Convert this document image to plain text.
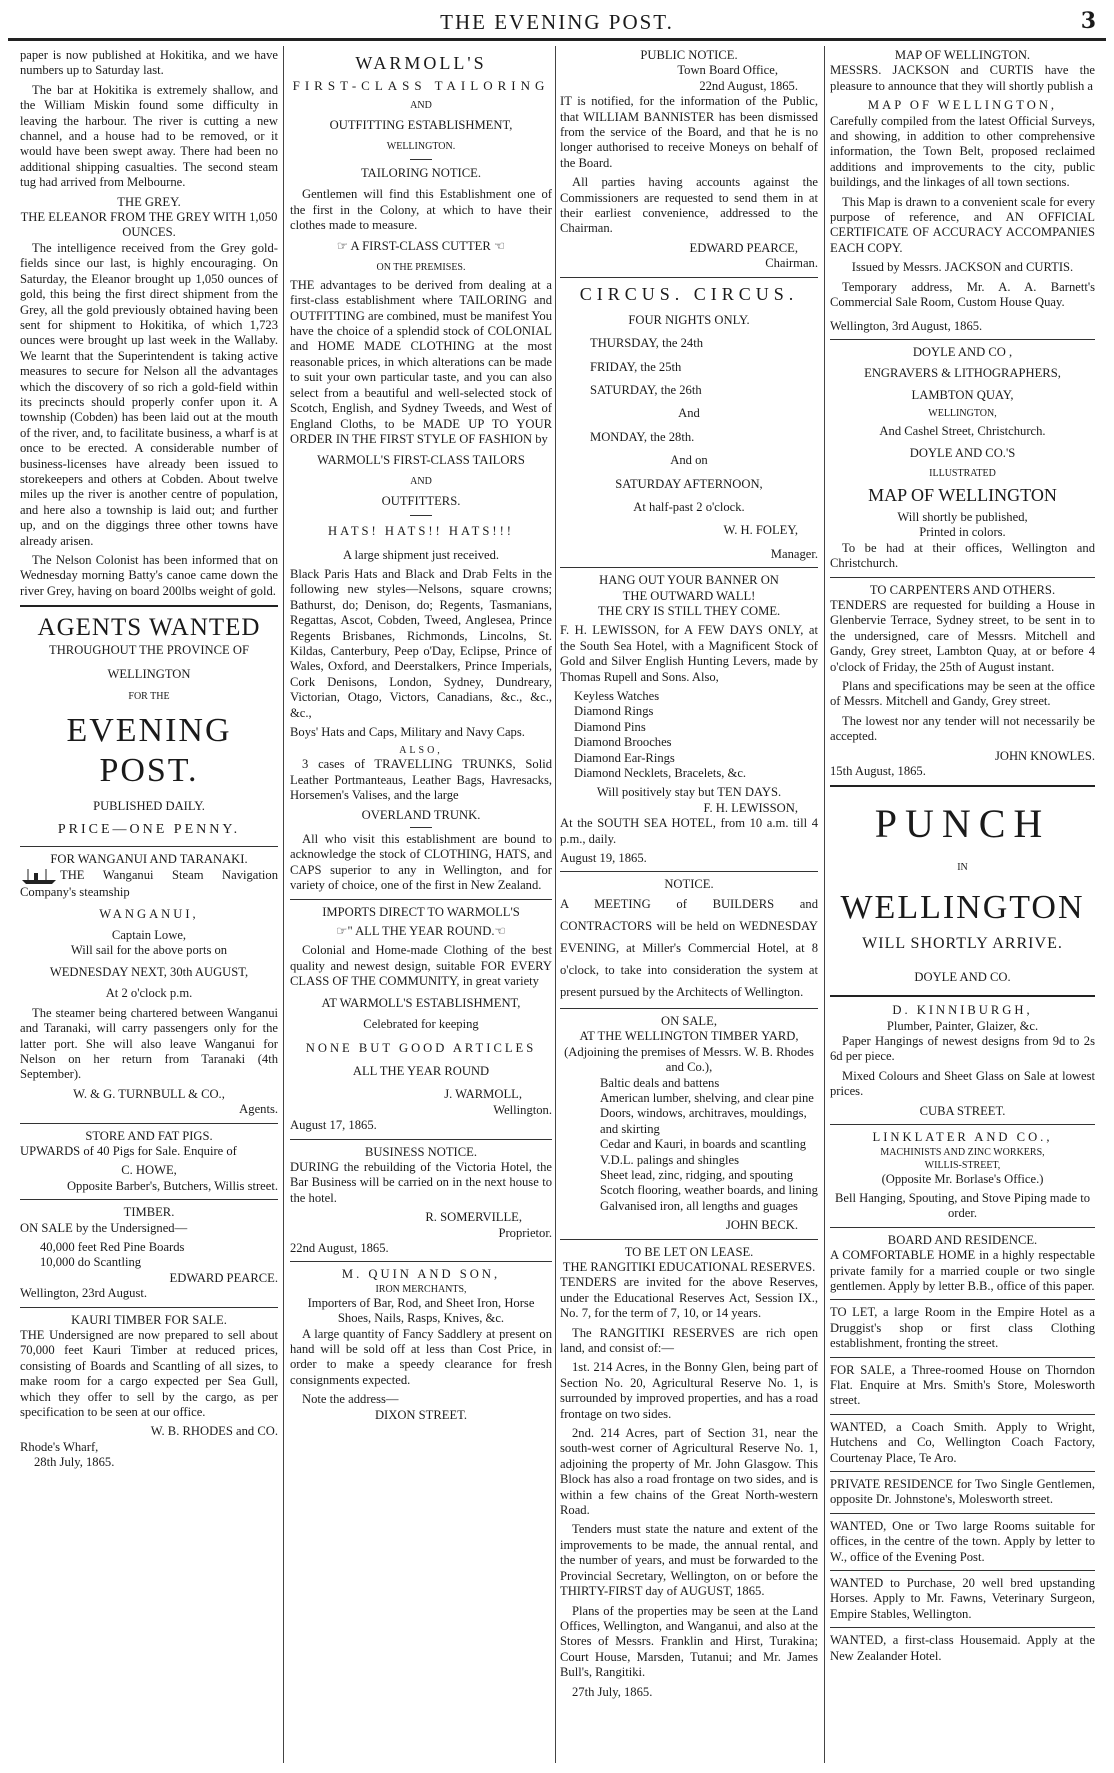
THE EVENING POST.	3

paper is now published at Hokitika, and we have numbers up to Saturday last.

The bar at Hokitika is extremely shallow, and the William Miskin found some difficulty in leaving the harbour. The river is cutting a new channel, and a house had to be removed, or it would have been swept away. There had been no additional shipping casualties. The second steam tug had arrived from Melbourne.

THE GREY.
THE ELEANOR FROM THE GREY WITH 1,050 OUNCES.

The intelligence received from the Grey gold-fields since our last, is highly encouraging. On Saturday, the Eleanor brought up 1,050 ounces of gold, this being the first direct shipment from the Grey, all the gold previously obtained having been sent for shipment to Hokitika, of which 1,723 ounces were brought up last week in the Wallaby. We learnt that the Superintendent is taking active measures to secure for Nelson all the advantages which the discovery of so rich a gold-field within its precincts should properly confer upon it. A township (Cobden) has been laid out at the mouth of the river, and, to facilitate business, a wharf is at once to be erected. A considerable number of business-licenses have already been issued to storekeepers and others at Cobden. About twelve miles up the river is another centre of population, and here also a township is laid out; and further up, and on the diggings three other towns have already arisen.

The Nelson Colonist has been informed that on Wednesday morning Batty's canoe came down the river Grey, having on board 200lbs weight of gold.

AGENTS WANTED
THROUGHOUT THE PROVINCE OF
WELLINGTON
FOR THE
EVENING POST.
PUBLISHED DAILY.
PRICE—ONE PENNY.
FOR WANGANUI AND TARANAKI.

THE Wanganui Steam Navigation Company's steamship

WANGANUI,
Captain Lowe,
Will sail for the above ports on
WEDNESDAY NEXT, 30th AUGUST,
At 2 o'clock p.m.

The steamer being chartered between Wanganui and Taranaki, will carry passengers only for the latter port. She will also leave Wanganui for Nelson on her return from Taranaki (4th September).

W. & G. TURNBULL & CO.,
Agents.
STORE AND FAT PIGS.

UPWARDS of 40 Pigs for Sale. Enquire of

C. HOWE,
Opposite Barber's, Butchers, Willis street.
TIMBER.

ON SALE by the Undersigned—

40,000 feet Red Pine Boards
10,000 do Scantling
EDWARD PEARCE.
Wellington, 23rd August.
KAURI TIMBER FOR SALE.

THE Undersigned are now prepared to sell about 70,000 feet Kauri Timber at reduced prices, consisting of Boards and Scantling of all sizes, to make room for a cargo expected per Sea Gull, which they offer to sell by the cargo, as per specification to be seen at our office.

W. B. RHODES and CO.
Rhode's Wharf,
28th July, 1865.
WARMOLL'S
FIRST-CLASS TAILORING
AND
OUTFITTING ESTABLISHMENT,
WELLINGTON.
TAILORING NOTICE.

Gentlemen will find this Establishment one of the first in the Colony, at which to have their clothes made to measure.

☞ A FIRST-CLASS CUTTER ☜
ON THE PREMISES.

THE advantages to be derived from dealing at a first-class establishment where TAILORING and OUTFITTING are combined, must be manifest You have the choice of a splendid stock of COLONIAL and HOME MADE CLOTHING at the most reasonable prices, in which alterations can be made to suit your own particular taste, and you can also select from a beautiful and well-selected stock of Scotch, English, and Sydney Tweeds, and West of England Cloths, to be MADE UP TO YOUR ORDER IN THE FIRST STYLE OF FASHION by

WARMOLL'S FIRST-CLASS TAILORS
AND
OUTFITTERS.
HATS! HATS!! HATS!!!
A large shipment just received.

Black Paris Hats and Black and Drab Felts in the following new styles—Nelsons, square crowns; Bathurst, do; Denison, do; Regents, Tasmanians, Regattas, Ascot, Cobden, Tweed, Anglesea, Prince Regents Brisbanes, Richmonds, Lincolns, St. Kildas, Canterbury, Peep o'Day, Eclipse, Prince of Wales, Oxford, and Deerstalkers, Prince Imperials, Cork Denisons, London, Sydney, Dundreary, Victorian, Otago, Victors, Canadians, &c., &c., &c.,

Boys' Hats and Caps, Military and Navy Caps.

ALSO,

3 cases of TRAVELLING TRUNKS, Solid Leather Portmanteaus, Leather Bags, Havresacks, Horsemen's Valises, and the large

OVERLAND TRUNK.

All who visit this establishment are bound to acknowledge the stock of CLOTHING, HATS, and CAPS superior to any in Wellington, and for variety of choice, one of the first in New Zealand.

IMPORTS DIRECT TO WARMOLL'S
☞" ALL THE YEAR ROUND.☜

Colonial and Home-made Clothing of the best quality and newest design, suitable FOR EVERY CLASS OF THE COMMUNITY, in great variety

AT WARMOLL'S ESTABLISHMENT,
Celebrated for keeping
NONE BUT GOOD ARTICLES
ALL THE YEAR ROUND
J. WARMOLL,
Wellington.
August 17, 1865.
BUSINESS NOTICE.

DURING the rebuilding of the Victoria Hotel, the Bar Business will be carried on in the next house to the hotel.

R. SOMERVILLE,
Proprietor.
22nd August, 1865.
M. QUIN AND SON,
IRON MERCHANTS,
Importers of Bar, Rod, and Sheet Iron, Horse Shoes, Nails, Rasps, Knives, &c.

A large quantity of Fancy Saddlery at present on hand will be sold off at less than Cost Price, in order to make a speedy clearance for fresh consignments expected.

Note the address—
DIXON STREET.
PUBLIC NOTICE.
Town Board Office,
22nd August, 1865.

IT is notified, for the information of the Public, that WILLIAM BANNISTER has been dismissed from the service of the Board, and that he is no longer authorised to receive Moneys on behalf of the Board.

All parties having accounts against the Commissioners are requested to send them in at their earliest convenience, addressed to the Chairman.

EDWARD PEARCE,
Chairman.
CIRCUS. CIRCUS.
FOUR NIGHTS ONLY.
THURSDAY, the 24th
FRIDAY, the 25th
SATURDAY, the 26th
And
MONDAY, the 28th.
And on
SATURDAY AFTERNOON,
At half-past 2 o'clock.
W. H. FOLEY,
Manager.
HANG OUT YOUR BANNER ON
THE OUTWARD WALL!
THE CRY IS STILL THEY COME.

F. H. LEWISSON, for A FEW DAYS ONLY, at the South Sea Hotel, with a Magnificent Stock of Gold and Silver English Hunting Levers, made by Thomas Rupell and Sons. Also,

Keyless Watches
Diamond Rings
Diamond Pins
Diamond Brooches
Diamond Ear-Rings
Diamond Necklets, Bracelets, &c.
Will positively stay but TEN DAYS.
F. H. LEWISSON,

At the SOUTH SEA HOTEL, from 10 a.m. till 4 p.m., daily.

August 19, 1865.
NOTICE.

A MEETING of BUILDERS and CONTRACTORS will be held on WEDNESDAY EVENING, at Miller's Commercial Hotel, at 8 o'clock, to take into consideration the system at present pursued by the Architects of Wellington.

ON SALE,
AT THE WELLINGTON TIMBER YARD,
(Adjoining the premises of Messrs. W. B. Rhodes and Co.),
Baltic deals and battens
American lumber, shelving, and clear pine
Doors, windows, architraves, mouldings, and skirting
Cedar and Kauri, in boards and scantling
V.D.L. palings and shingles
Sheet lead, zinc, ridging, and spouting
Scotch flooring, weather boards, and lining
Galvanised iron, all lengths and guages
JOHN BECK.
TO BE LET ON LEASE.
THE RANGITIKI EDUCATIONAL RESERVES.

TENDERS are invited for the above Reserves, under the Educational Reserves Act, Session IX., No. 7, for the term of 7, 10, or 14 years.

The RANGITIKI RESERVES are rich open land, and consist of:—

1st. 214 Acres, in the Bonny Glen, being part of Section No. 20, Agricultural Reserve No. 1, is surrounded by improved properties, and has a road frontage on two sides.

2nd. 214 Acres, part of Section 31, near the south-west corner of Agricultural Reserve No. 1, adjoining the property of Mr. John Glasgow. This Block has also a road frontage on two sides, and is within a few chains of the Great North-western Road.

Tenders must state the nature and extent of the improvements to be made, the annual rental, and the number of years, and must be forwarded to the Provincial Secretary, Wellington, on or before the THIRTY-FIRST day of AUGUST, 1865.

Plans of the properties may be seen at the Land Offices, Wellington, and Wanganui, and also at the Stores of Messrs. Franklin and Hirst, Turakina; Court House, Marsden, Tutanui; and Mr. James Bull's, Rangitiki.

27th July, 1865.
MAP OF WELLINGTON.

MESSRS. JACKSON and CURTIS have the pleasure to announce that they will shortly publish a

MAP OF WELLINGTON,

Carefully compiled from the latest Official Surveys, and showing, in addition to other comprehensive information, the Town Belt, proposed reclaimed additions and improvements to the city, public buildings, and the linkages of all town sections.

This Map is drawn to a convenient scale for every purpose of reference, and AN OFFICIAL CERTIFICATE OF ACCURACY ACCOMPANIES EACH COPY.

Issued by Messrs. JACKSON and CURTIS.

Temporary address, Mr. A. A. Barnett's Commercial Sale Room, Custom House Quay.

Wellington, 3rd August, 1865.
DOYLE AND CO ,
ENGRAVERS & LITHOGRAPHERS,
LAMBTON QUAY,
WELLINGTON,
And Cashel Street, Christchurch.
DOYLE AND CO.'S
ILLUSTRATED
MAP OF WELLINGTON
Will shortly be published,
Printed in colors.

To be had at their offices, Wellington and Christchurch.

TO CARPENTERS AND OTHERS.

TENDERS are requested for building a House in Glenbervie Terrace, Sydney street, to be sent in to the undersigned, care of Messrs. Mitchell and Gandy, Grey street, Lambton Quay, at or before 4 o'clock of Friday, the 25th of August instant.

Plans and specifications may be seen at the office of Messrs. Mitchell and Gandy, Grey street.

The lowest nor any tender will not necessarily be accepted.

JOHN KNOWLES.
15th August, 1865.
PUNCH
IN
WELLINGTON
WILL SHORTLY ARRIVE.
DOYLE AND CO.
D. KINNIBURGH,
Plumber, Painter, Glaizer, &c.

Paper Hangings of newest designs from 9d to 2s 6d per piece.

Mixed Colours and Sheet Glass on Sale at lowest prices.

CUBA STREET.
LINKLATER AND CO.,
MACHINISTS AND ZINC WORKERS,
WILLIS-STREET,
(Opposite Mr. Borlase's Office.)
Bell Hanging, Spouting, and Stove Piping made to order.
BOARD AND RESIDENCE.

A COMFORTABLE HOME in a highly respectable private family for a married couple or two single gentlemen. Apply by letter B.B., office of this paper.

TO LET, a large Room in the Empire Hotel as a Druggist's shop or first class Clothing establishment, fronting the street.

FOR SALE, a Three-roomed House on Thorndon Flat. Enquire at Mrs. Smith's Store, Molesworth street.

WANTED, a Coach Smith. Apply to Wright, Hutchens and Co, Wellington Coach Factory, Courtenay Place, Te Aro.

PRIVATE RESIDENCE for Two Single Gentlemen, opposite Dr. Johnstone's, Molesworth street.

WANTED, One or Two large Rooms suitable for offices, in the centre of the town. Apply by letter to W., office of the Evening Post.

WANTED to Purchase, 20 well bred upstanding Horses. Apply to Mr. Fawns, Veterinary Surgeon, Empire Stables, Wellington.

WANTED, a first-class Housemaid. Apply at the New Zealander Hotel.
